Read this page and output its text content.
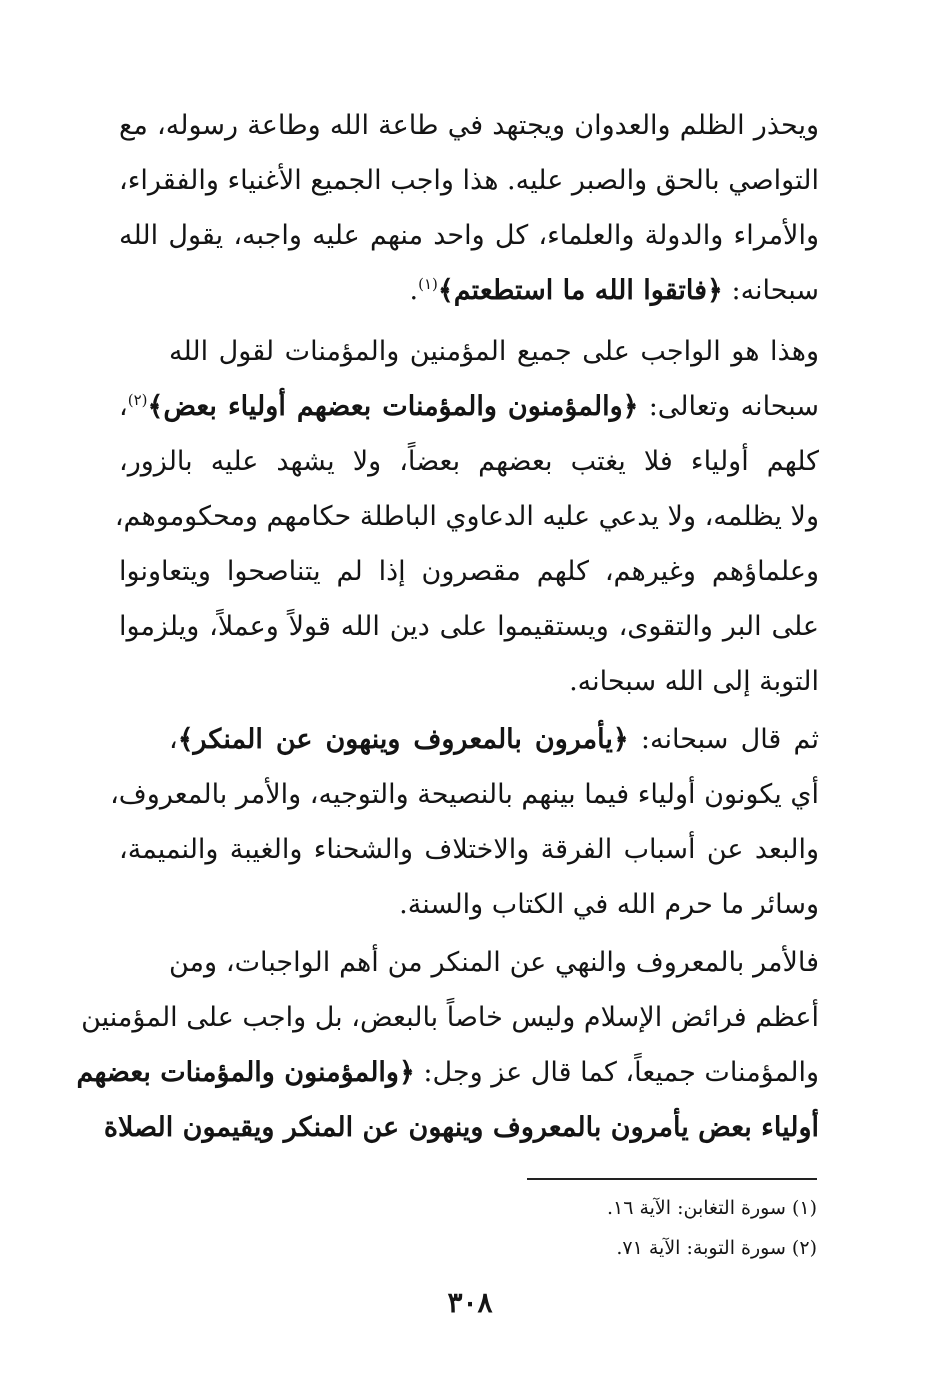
ويحذر الظلم والعدوان ويجتهد في طاعة الله وطاعة رسوله، مع
التواصي بالحق والصبر عليه. هذا واجب الجميع الأغنياء والفقراء،
والأمراء والدولة والعلماء، كل واحد منهم عليه واجبه، يقول الله
سبحانه: ﴿فاتقوا الله ما استطعتم﴾$^{(١)}$.
وهذا هو الواجب على جميع المؤمنين والمؤمنات لقول الله
سبحانه وتعالى: ﴿والمؤمنون والمؤمنات بعضهم أولياء بعض﴾$^{(٢)}$،
كلهم أولياء فلا يغتب بعضهم بعضاً، ولا يشهد عليه بالزور،
ولا يظلمه، ولا يدعي عليه الدعاوي الباطلة حكامهم ومحكوموهم،
وعلماؤهم وغيرهم، كلهم مقصرون إذا لم يتناصحوا ويتعاونوا
على البر والتقوى، ويستقيموا على دين الله قولاً وعملاً، ويلزموا
التوبة إلى الله سبحانه.
ثم قال سبحانه: ﴿يأمرون بالمعروف وينهون عن المنكر﴾،
أي يكونون أولياء فيما بينهم بالنصيحة والتوجيه، والأمر بالمعروف،
والبعد عن أسباب الفرقة والاختلاف والشحناء والغيبة والنميمة،
وسائر ما حرم الله في الكتاب والسنة.
فالأمر بالمعروف والنهي عن المنكر من أهم الواجبات، ومن
أعظم فرائض الإسلام وليس خاصاً بالبعض، بل واجب على المؤمنين
والمؤمنات جميعاً، كما قال عز وجل: ﴿والمؤمنون والمؤمنات بعضهم
أولياء بعض يأمرون بالمعروف وينهون عن المنكر ويقيمون الصلاة
(١) سورة التغابن: الآية ١٦.
(٢) سورة التوبة: الآية ٧١.
٣٠٨
